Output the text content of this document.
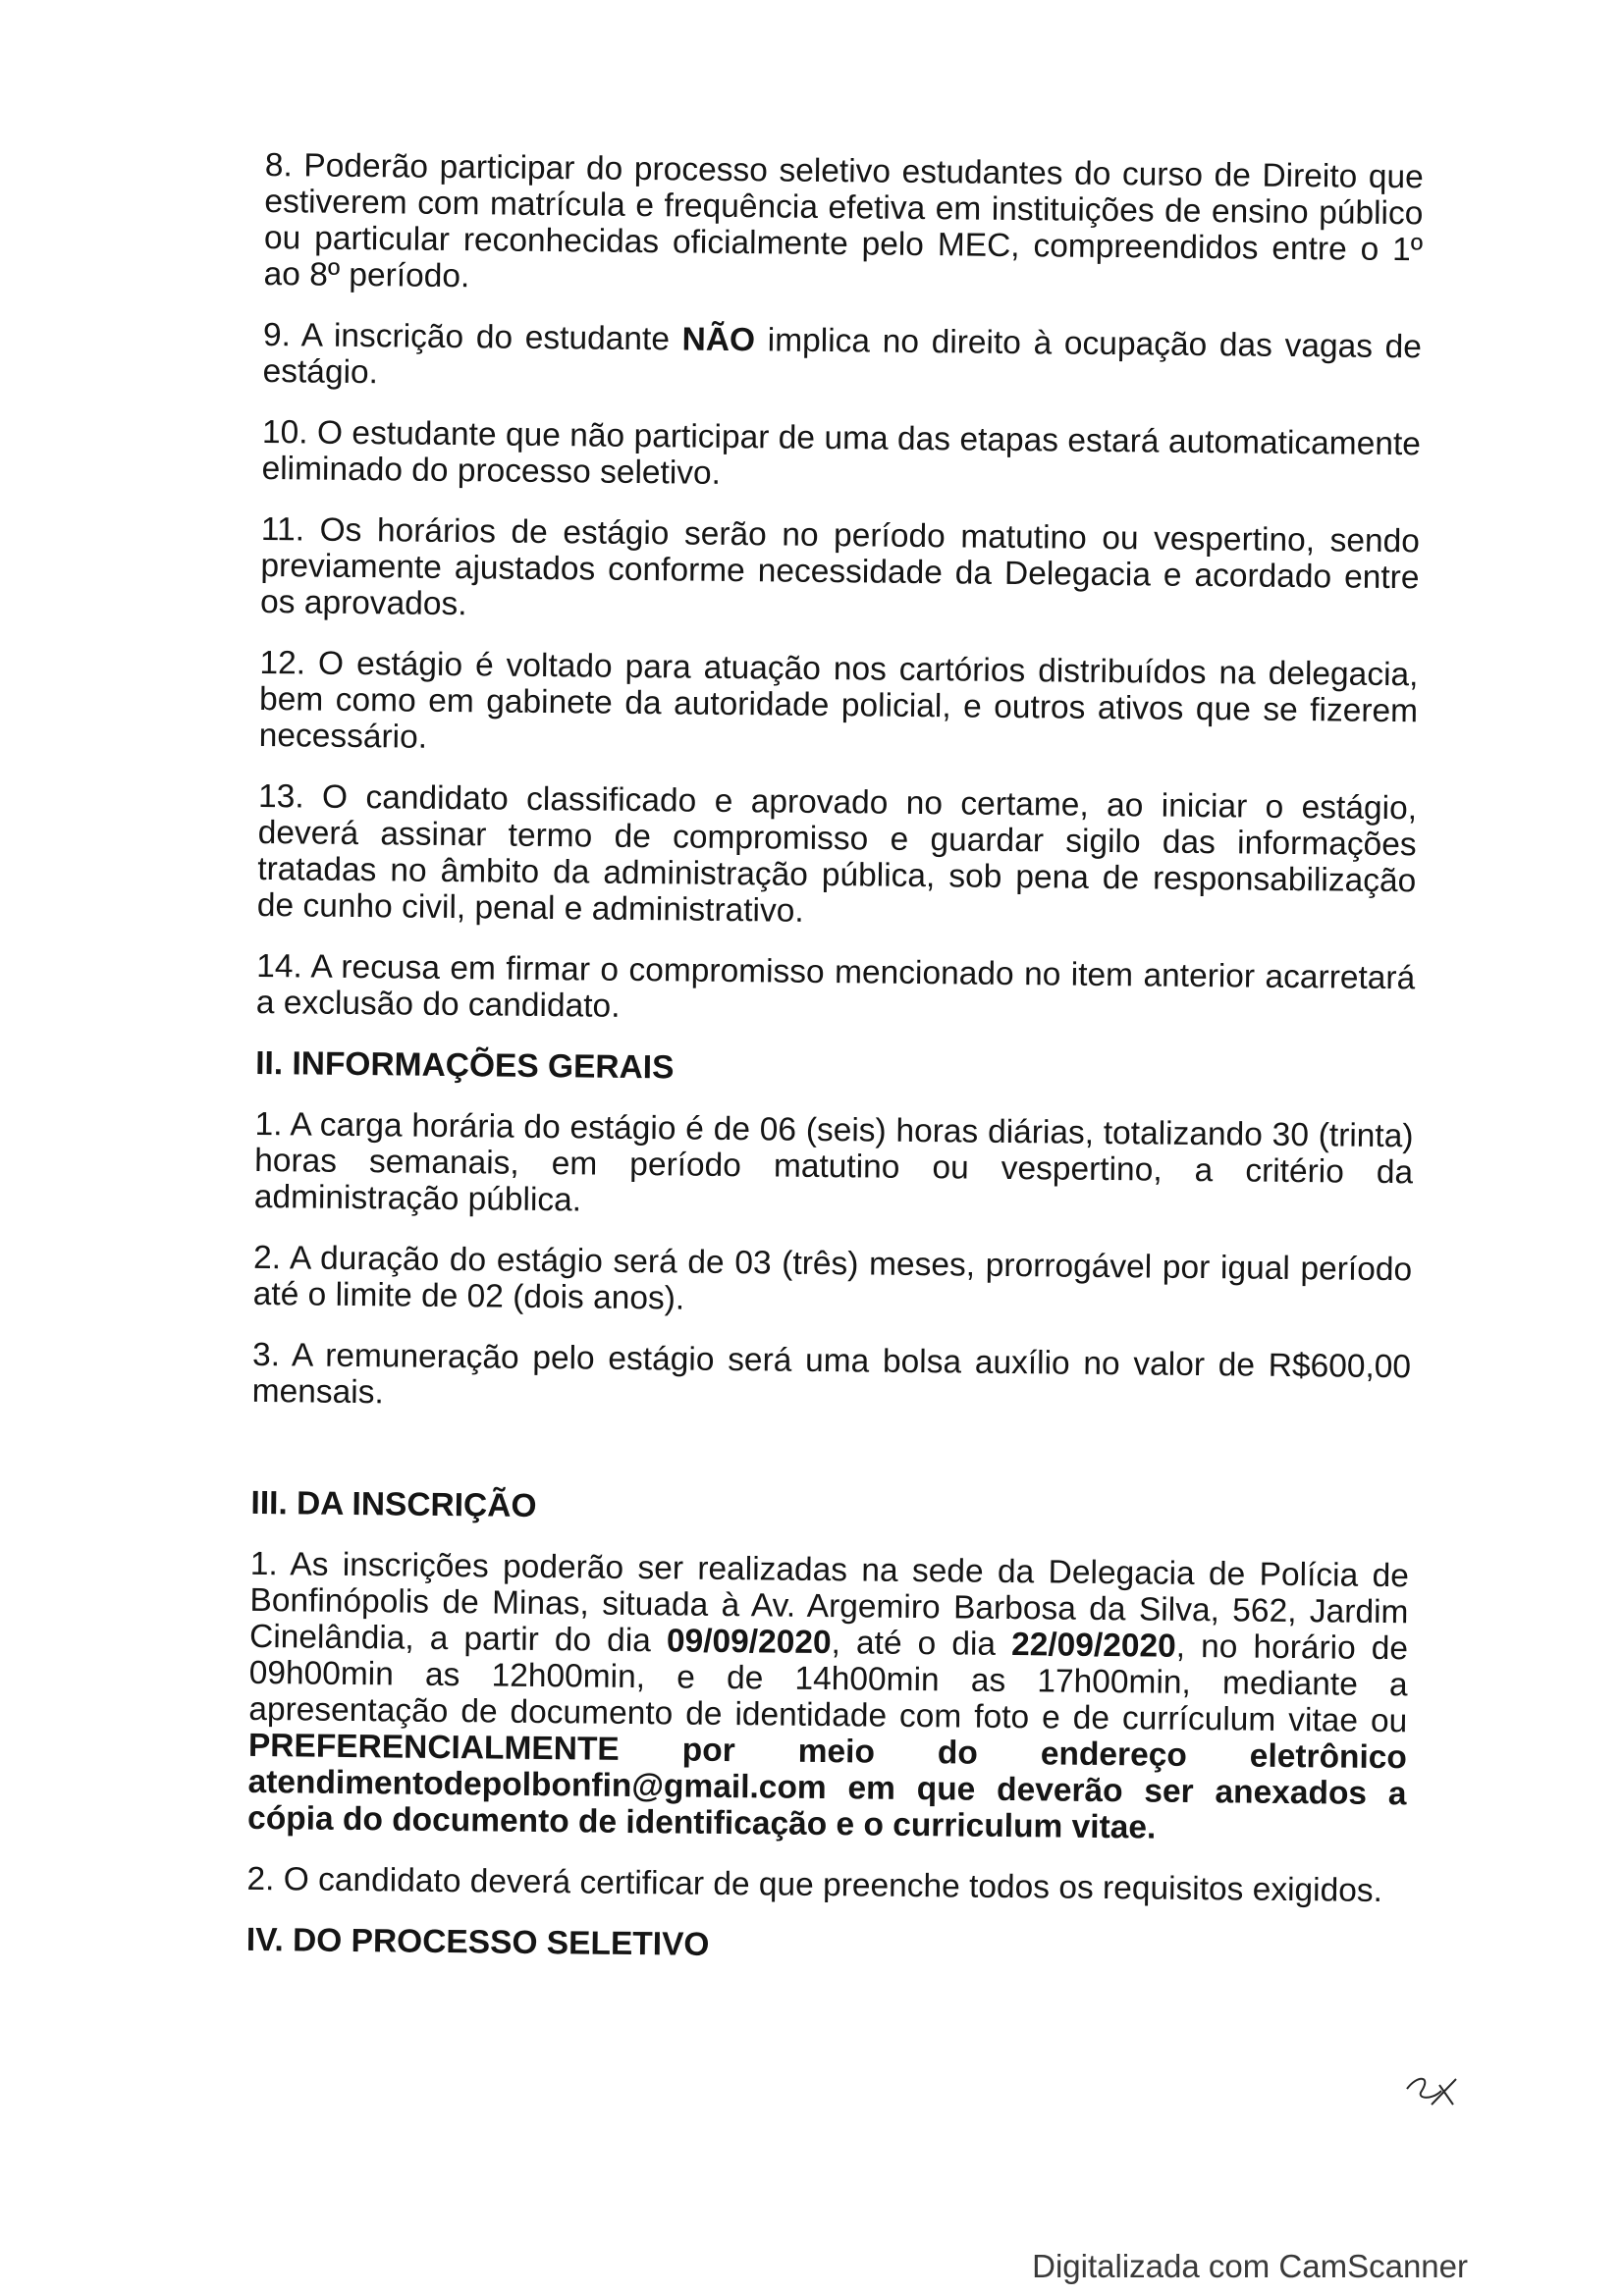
8. Poderão participar do processo seletivo estudantes do curso de Direito que estiverem com matrícula e frequência efetiva em instituições de ensino público ou particular reconhecidas oficialmente pelo MEC, compreendidos entre o 1º ao 8º período.

9. A inscrição do estudante NÃO implica no direito à ocupação das vagas de estágio.

10. O estudante que não participar de uma das etapas estará automaticamente eliminado do processo seletivo.

11. Os horários de estágio serão no período matutino ou vespertino, sendo previamente ajustados conforme necessidade da Delegacia e acordado entre os aprovados.

12. O estágio é voltado para atuação nos cartórios distribuídos na delegacia, bem como em gabinete da autoridade policial, e outros ativos que se fizerem necessário.

13. O candidato classificado e aprovado no certame, ao iniciar o estágio, deverá assinar termo de compromisso e guardar sigilo das informações tratadas no âmbito da administração pública, sob pena de responsabilização de cunho civil, penal e administrativo.

14. A recusa em firmar o compromisso mencionado no item anterior acarretará a exclusão do candidato.

II. INFORMAÇÕES GERAIS

1. A carga horária do estágio é de 06 (seis) horas diárias, totalizando 30 (trinta) horas semanais, em período matutino ou vespertino, a critério da administração pública.

2. A duração do estágio será de 03 (três) meses, prorrogável por igual período até o limite de 02 (dois anos).

3. A remuneração pelo estágio será uma bolsa auxílio no valor de R$600,00 mensais.

III. DA INSCRIÇÃO

1. As inscrições poderão ser realizadas na sede da Delegacia de Polícia de Bonfinópolis de Minas, situada à Av. Argemiro Barbosa da Silva, 562, Jardim Cinelândia, a partir do dia 09/09/2020, até o dia 22/09/2020, no horário de 09h00min as 12h00min, e de 14h00min as 17h00min, mediante a apresentação de documento de identidade com foto e de currículum vitae ou PREFERENCIALMENTE por meio do endereço eletrônico atendimentodepolbonfin@gmail.com em que deverão ser anexados a cópia do documento de identificação e o curriculum vitae.

2. O candidato deverá certificar de que preenche todos os requisitos exigidos.

IV. DO PROCESSO SELETIVO
Digitalizada com CamScanner
